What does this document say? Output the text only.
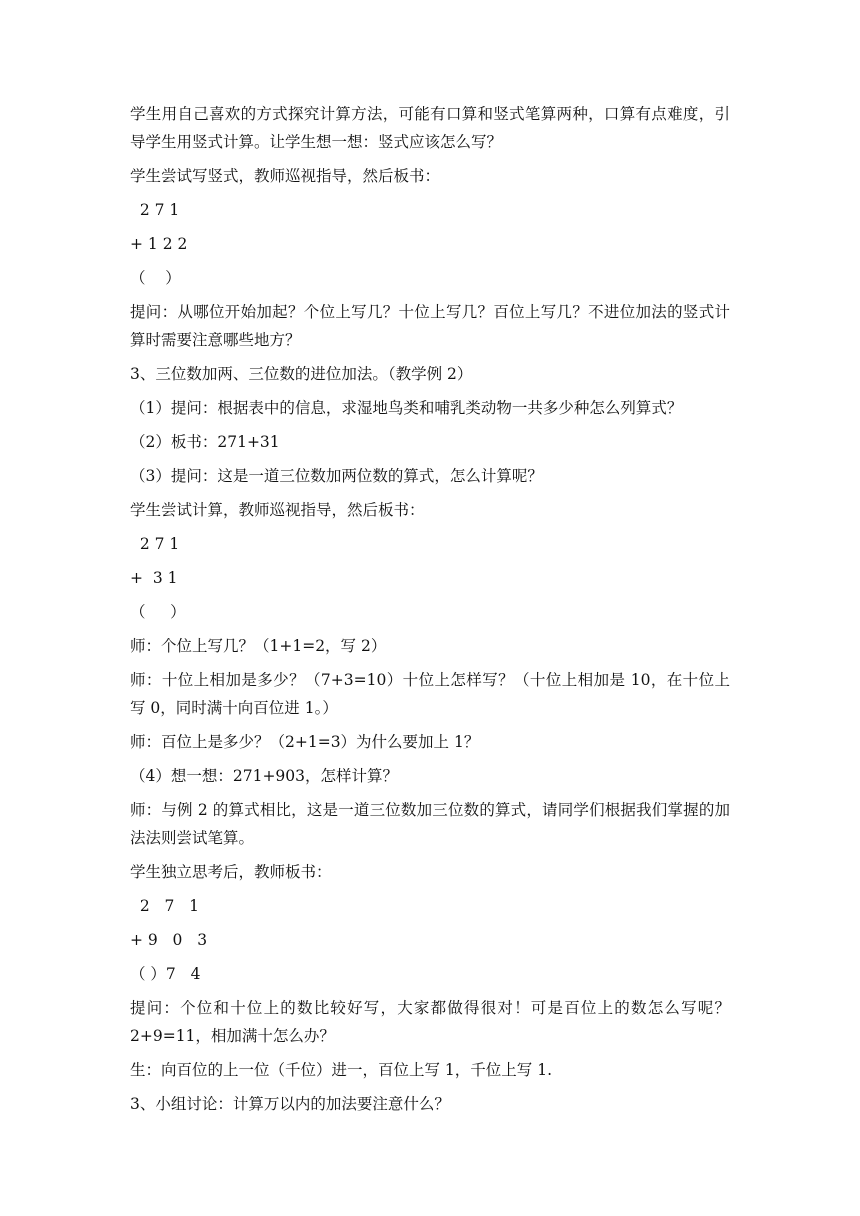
学生用自己喜欢的方式探究计算方法，可能有口算和竖式笔算两种，口算有点难度，引导学生用竖式计算。让学生想一想：竖式应该怎么写？

学生尝试写竖式，教师巡视指导，然后板书：

2 7 1

+ 1 2 2

（    ）

提问：从哪位开始加起？个位上写几？十位上写几？百位上写几？不进位加法的竖式计算时需要注意哪些地方？

3、三位数加两、三位数的进位加法。（教学例 2）

（1）提问：根据表中的信息，求湿地鸟类和哺乳类动物一共多少种怎么列算式？

（2）板书：271+31

（3）提问：这是一道三位数加两位数的算式，怎么计算呢？

学生尝试计算，教师巡视指导，然后板书：

2 7 1

+  3 1

（     ）

师：个位上写几？（1+1=2，写 2）

师：十位上相加是多少？（7+3=10）十位上怎样写？（十位上相加是 10，在十位上写 0，同时满十向百位进 1。）

师：百位上是多少？（2+1=3）为什么要加上 1？

（4）想一想：271+903，怎样计算？

师：与例 2 的算式相比，这是一道三位数加三位数的算式，请同学们根据我们掌握的加法法则尝试笔算。

学生独立思考后，教师板书：

2   7   1

+ 9   0   3

（ ）7   4

提问：个位和十位上的数比较好写，大家都做得很对！可是百位上的数怎么写呢？2+9=11，相加满十怎么办？

生：向百位的上一位（千位）进一，百位上写 1，千位上写 1.

3、小组讨论：计算万以内的加法要注意什么？
